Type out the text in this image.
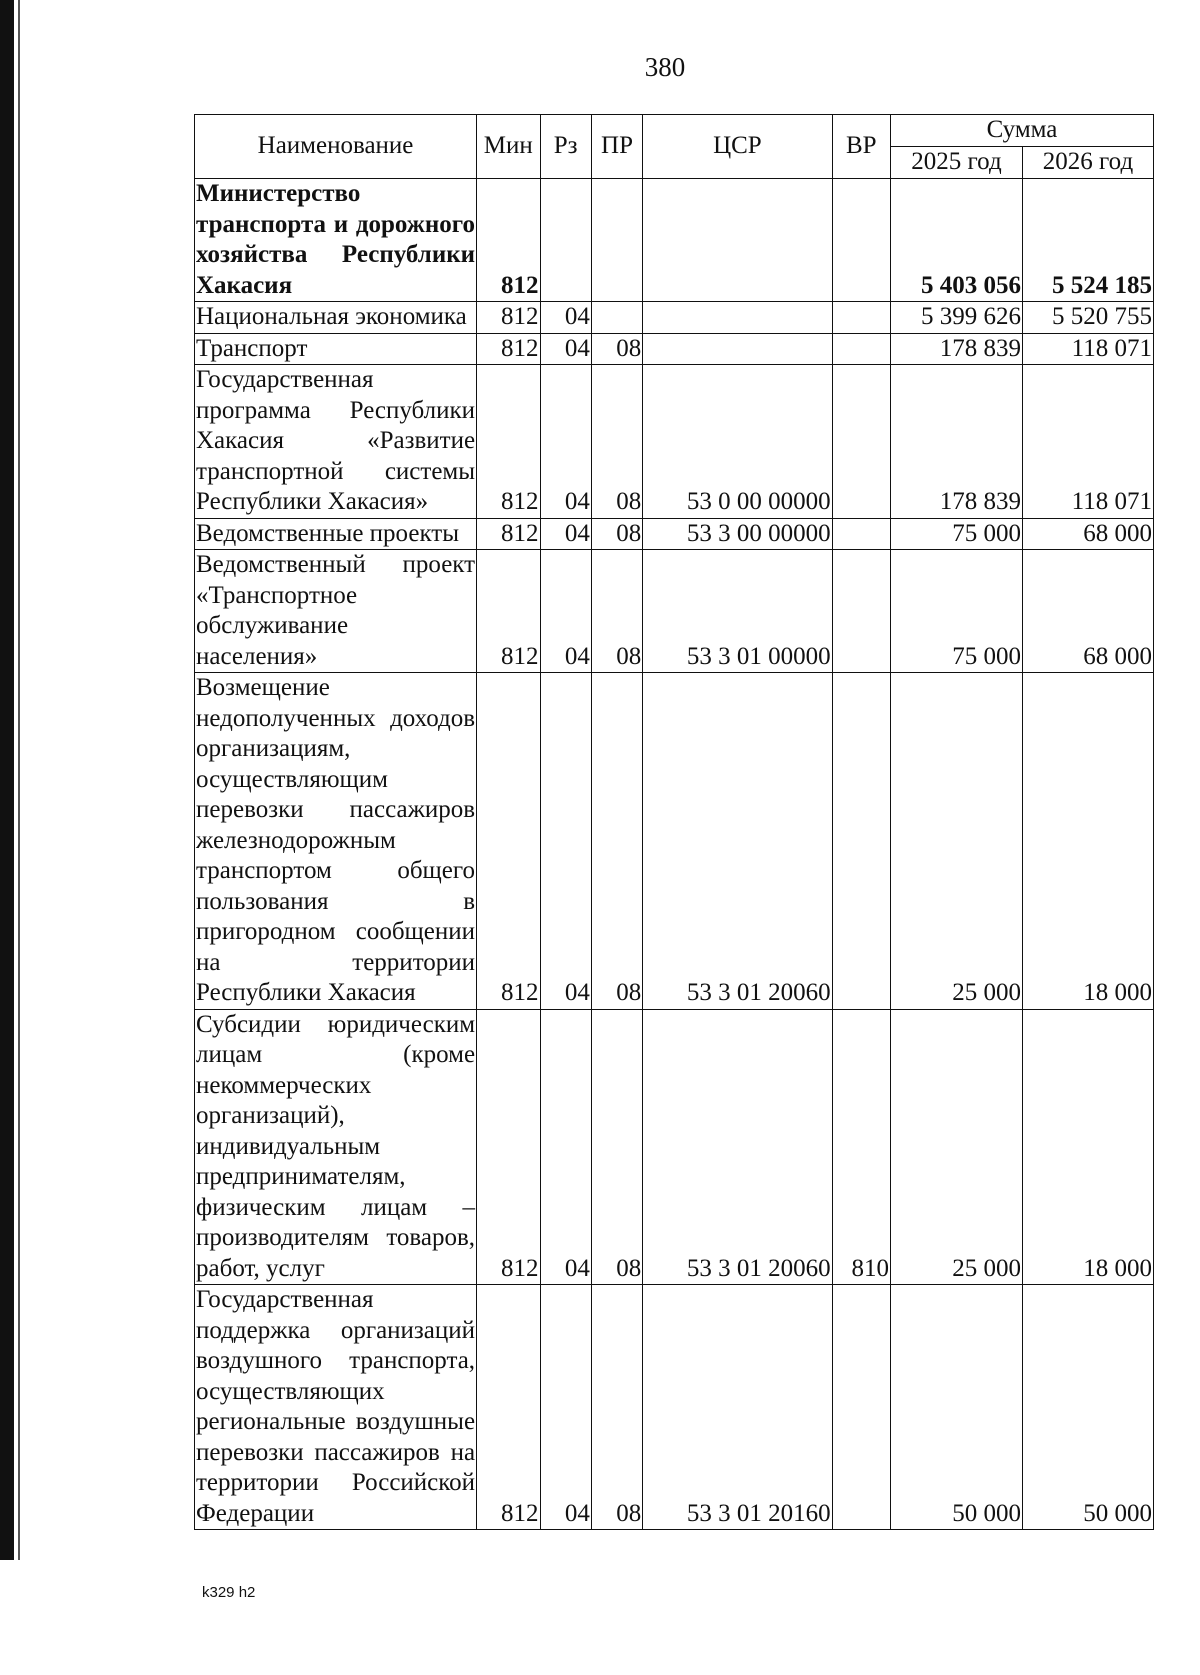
380
Наименование	Мин	Рз	ПР	ЦСР	ВР	Сумма	
						2025 год	2026 год
Министерство транспорта и дорожного хозяйства Республики Хакасия	812					5 403 056	5 524 185
Национальная экономика	812	04				5 399 626	5 520 755
Транспорт	812	04	08			178 839	118 071
Государственная программа Республики Хакасия «Развитие транспортной системы Республики Хакасия»	812	04	08	53 0 00 00000		178 839	118 071
Ведомственные проекты	812	04	08	53 3 00 00000		75 000	68 000
Ведомственный проект «Транспортное обслуживание населения»	812	04	08	53 3 01 00000		75 000	68 000
Возмещение недополученных доходов организациям, осуществляющим перевозки пассажиров железнодорожным транспортом общего пользования в пригородном сообщении на территории Республики Хакасия	812	04	08	53 3 01 20060		25 000	18 000
Субсидии юридическим лицам (кроме некоммерческих организаций), индивидуальным предпринимателям, физическим лицам – производителям товаров, работ, услуг	812	04	08	53 3 01 20060	810	25 000	18 000
Государственная поддержка организаций воздушного транспорта, осуществляющих региональные воздушные перевозки пассажиров на территории Российской Федерации	812	04	08	53 3 01 20160		50 000	50 000
k329 h2
